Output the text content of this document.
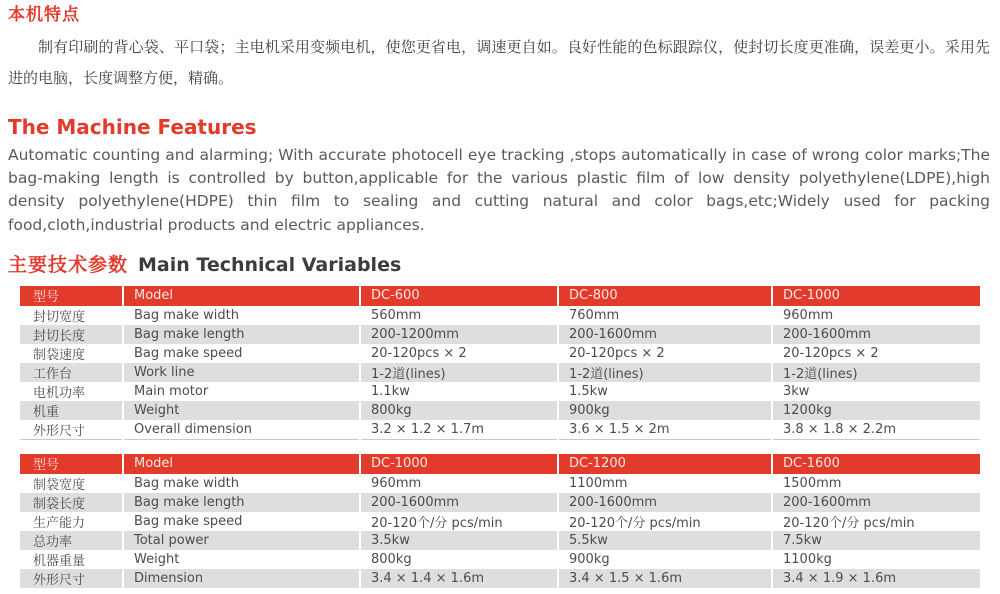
本机特点

制有印刷的背心袋、平口袋；主电机采用变频电机，使您更省电，调速更自如。良好性能的色标跟踪仪，使封切长度更准确，误差更小。采用先进的电脑，长度调整方便，精确。

The Machine Features

Automatic counting and alarming; With accurate photocell eye tracking ,stops automatically in case of wrong color marks;The bag-making length is controlled by button,applicable for the various plastic film of low density polyethylene(LDPE),high density polyethylene(HDPE) thin film to sealing and cutting natural and color bags,etc;Widely used for packing food,cloth,industrial products and electric appliances.

主要技术参数 Main Technical Variables
型号	Model	DC-600	DC-800	DC-1000
封切宽度	Bag make width	560mm	760mm	960mm
封切长度	Bag make length	200-1200mm	200-1600mm	200-1600mm
制袋速度	Bag make speed	20-120pcs × 2	20-120pcs × 2	20-120pcs × 2
工作台	Work line	1-2道(lines)	1-2道(lines)	1-2道(lines)
电机功率	Main motor	1.1kw	1.5kw	3kw
机重	Weight	800kg	900kg	1200kg
外形尺寸	Overall dimension	3.2 × 1.2 × 1.7m	3.6 × 1.5 × 2m	3.8 × 1.8 × 2.2m
型号	Model	DC-1000	DC-1200	DC-1600
制袋宽度	Bag make width	960mm	1100mm	1500mm
制袋长度	Bag make length	200-1600mm	200-1600mm	200-1600mm
生产能力	Bag make speed	20-120个/分 pcs/min	20-120个/分 pcs/min	20-120个/分 pcs/min
总功率	Total power	3.5kw	5.5kw	7.5kw
机器重量	Weight	800kg	900kg	1100kg
外形尺寸	Dimension	3.4 × 1.4 × 1.6m	3.4 × 1.5 × 1.6m	3.4 × 1.9 × 1.6m
